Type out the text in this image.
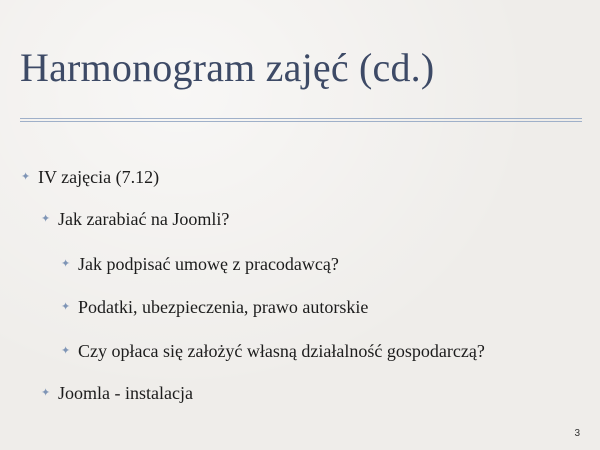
Harmonogram zajęć (cd.)
✦ IV zajęcia (7.12)
✦ Jak zarabiać na Joomli?
✦ Jak podpisać umowę z pracodawcą?
✦ Podatki, ubezpieczenia, prawo autorskie
✦ Czy opłaca się założyć własną działalność gospodarczą?
✦ Joomla - instalacja
3
